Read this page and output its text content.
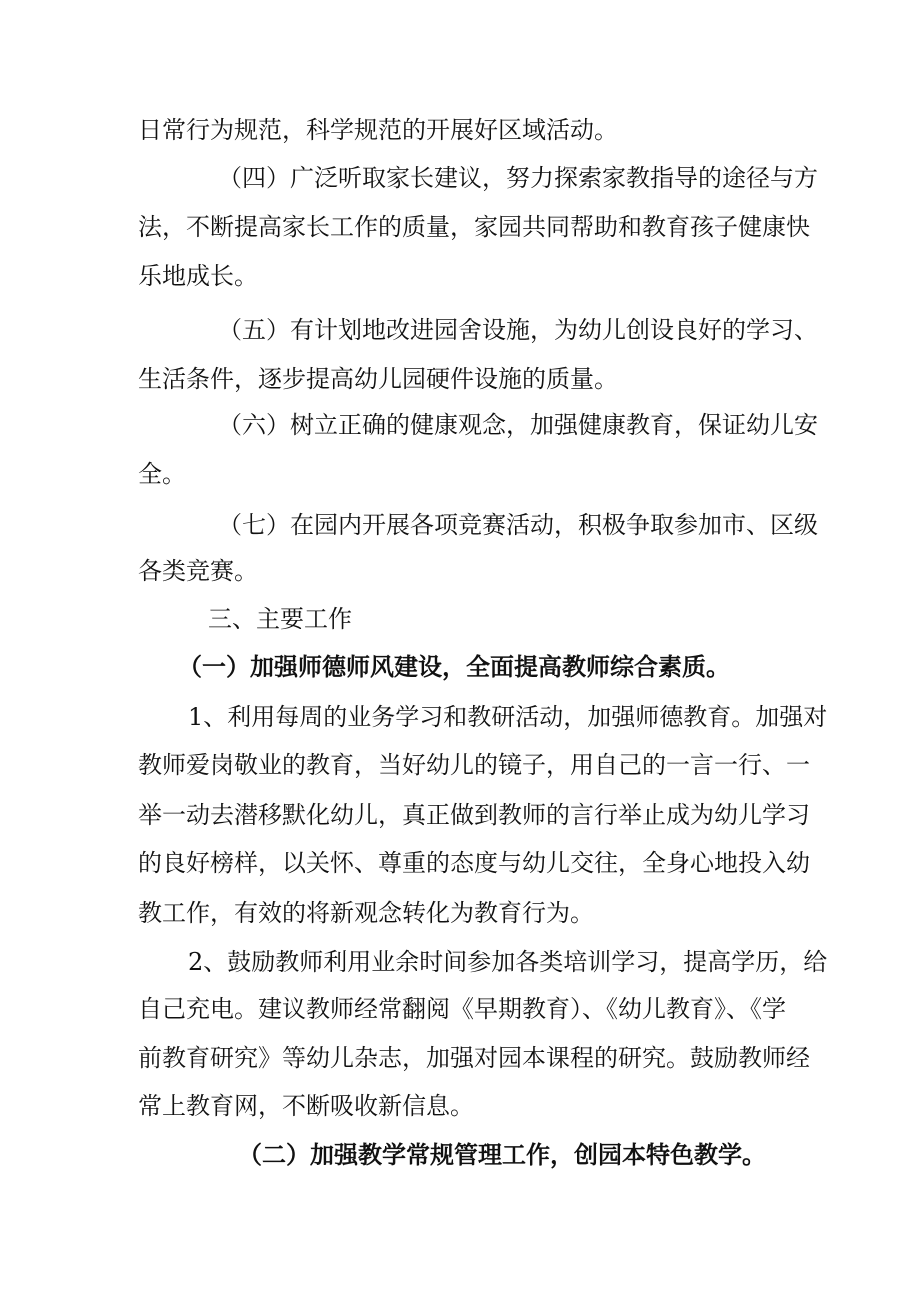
日常行为规范，科学规范的开展好区域活动。

（四）广泛听取家长建议，努力探索家教指导的途径与方

法，不断提高家长工作的质量，家园共同帮助和教育孩子健康快

乐地成长。

（五）有计划地改进园舍设施，为幼儿创设良好的学习、

生活条件，逐步提高幼儿园硬件设施的质量。

（六）树立正确的健康观念，加强健康教育，保证幼儿安

全。

（七）在园内开展各项竞赛活动，积极争取参加市、区级

各类竞赛。

三、主要工作

（一）加强师德师风建设，全面提高教师综合素质。

1、利用每周的业务学习和教研活动，加强师德教育。加强对

教师爱岗敬业的教育，当好幼儿的镜子，用自己的一言一行、一

举一动去潜移默化幼儿，真正做到教师的言行举止成为幼儿学习

的良好榜样，以关怀、尊重的态度与幼儿交往，全身心地投入幼

教工作，有效的将新观念转化为教育行为。

2、鼓励教师利用业余时间参加各类培训学习，提高学历，给

自己充电。建议教师经常翻阅《早期教育）、《幼儿教育》、《学

前教育研究》等幼儿杂志，加强对园本课程的研究。鼓励教师经

常上教育网，不断吸收新信息。

（二）加强教学常规管理工作，创园本特色教学。
